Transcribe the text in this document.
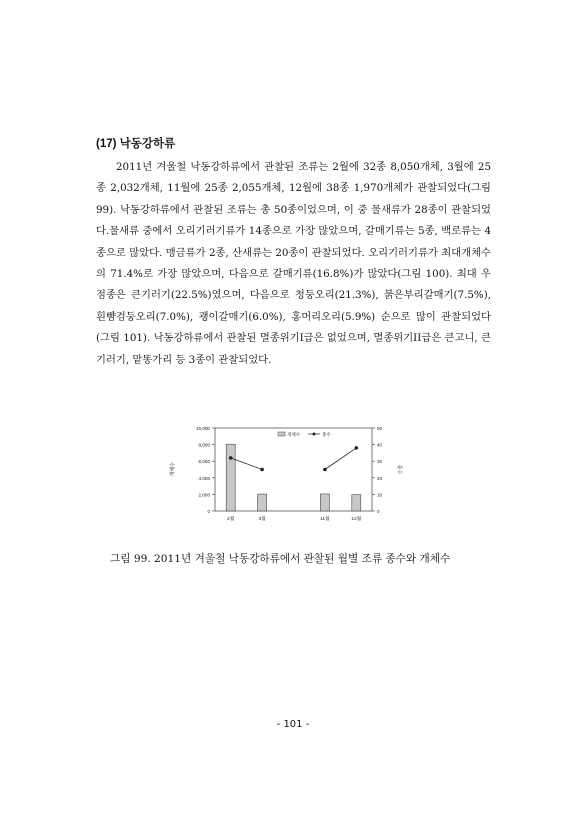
(17) 낙동강하류

2011년 겨울철 낙동강하류에서 관찰된 조류는 2월에 32종 8,050개체, 3월에 25종 2,032개체, 11월에 25종 2,055개체, 12월에 38종 1,970개체가 관찰되었다(그림 99). 낙동강하류에서 관찰된 조류는 총 50종이었으며, 이 중 물새류가 28종이 관찰되었다.물새류 중에서 오리기러기류가 14종으로 가장 많았으며, 갈매기류는 5종, 백로류는 4종으로 많았다. 맹금류가 2종, 산새류는 20종이 관찰되었다. 오리기러기류가 최대개체수의 71.4%로 가장 많았으며, 다음으로 갈매기류(16.8%)가 많았다(그림 100). 최대 우점종은 큰기러기(22.5%)였으며, 다음으로 청둥오리(21.3%), 붉은부리갈매기(7.5%), 흰뺨검둥오리(7.0%), 괭이갈매기(6.0%), 홍머리오리(5.9%) 순으로 많이 관찰되었다(그림 101). 낙동강하류에서 관찰된 멸종위기I급은 없었으며, 멸종위기II급은 큰고니, 큰기러기, 맡똥가리 등 3종이 관찰되었다.

0
2,000
4,000
6,000
8,000
10,000
0
10
20
30
40
50
개체수	종수
2월	3월	11월	12월
개체수	종수
그림 99. 2011년 겨울철 낙동강하류에서 관찰된 월별 조류 종수와 개체수
- 101 -
